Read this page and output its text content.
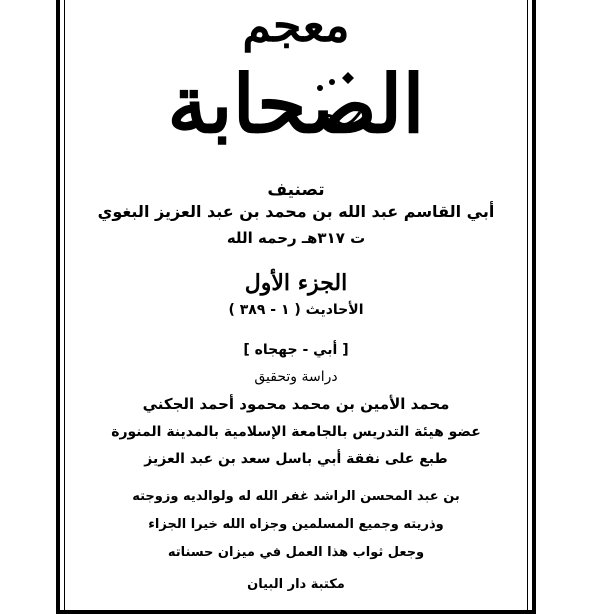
معجم
الصحابة
تصنيف
أبي القاسم عبد الله بن محمد بن عبد العزيز البغوي
ت ٣١٧هـ رحمه الله
الجزء الأول
الأحاديث ( ١ - ٣٨٩ )
[ أبي - جهجاه ]
دراسة وتحقيق
محمد الأمين بن محمد محمود أحمد الجكني
عضو هيئة التدريس بالجامعة الإسلامية بالمدينة المنورة
طبع على نفقة أبي باسل سعد بن عبد العزيز
بن عبد المحسن الراشد غفر الله له ولوالديه وزوجته
وذريته وجميع المسلمين وجزاه الله خيرا الجزاء
وجعل ثواب هذا العمل في ميزان حسناته
مكتبة دار البيان
